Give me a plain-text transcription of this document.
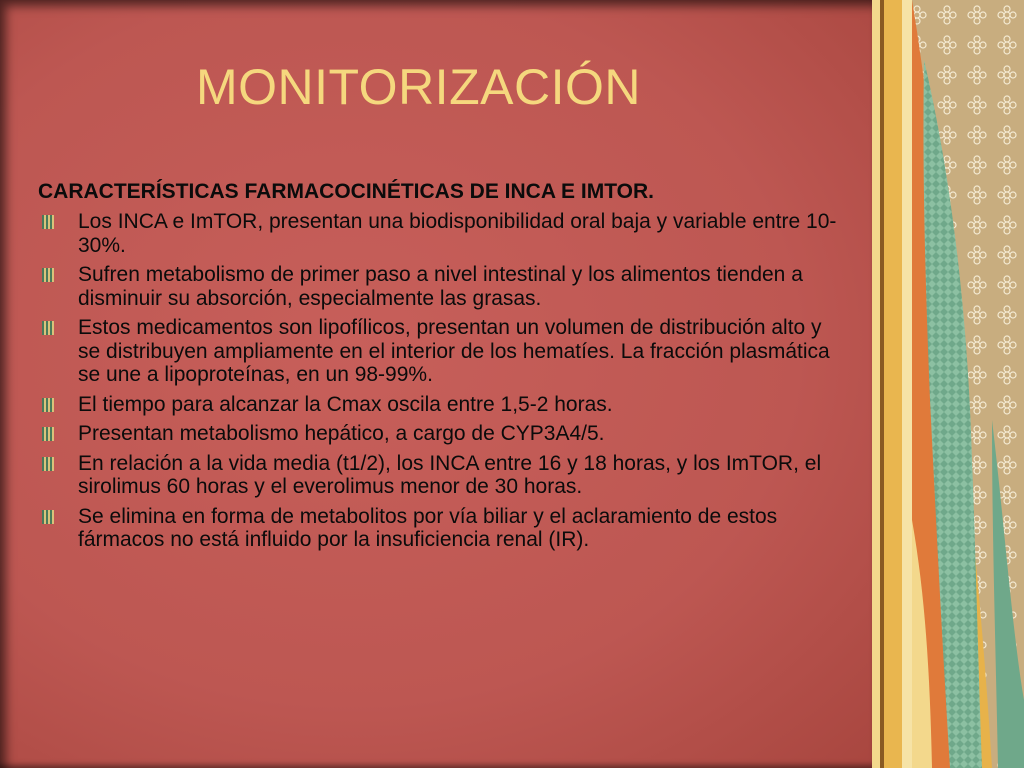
MONITORIZACIÓN

CARACTERÍSTICAS FARMACOCINÉTICAS DE INCA E IMTOR.

Los INCA e ImTOR, presentan una biodisponibilidad oral baja y variable entre 10-30%.
Sufren metabolismo de primer paso a nivel intestinal y los alimentos tienden a disminuir su absorción, especialmente las grasas.
Estos medicamentos son lipofílicos, presentan un volumen de distribución alto y se distribuyen ampliamente en el interior de los hematíes. La fracción plasmática se une a lipoproteínas, en un 98-99%.
El tiempo para alcanzar la Cmax oscila entre 1,5-2 horas.
Presentan metabolismo hepático, a cargo de CYP3A4/5.
En relación a la vida media (t1/2), los INCA entre 16 y 18 horas, y los ImTOR, el sirolimus 60 horas y el everolimus menor de 30 horas.
Se elimina en forma de metabolitos por vía biliar y el aclaramiento de estos fármacos no está influido por la insuficiencia renal (IR).
